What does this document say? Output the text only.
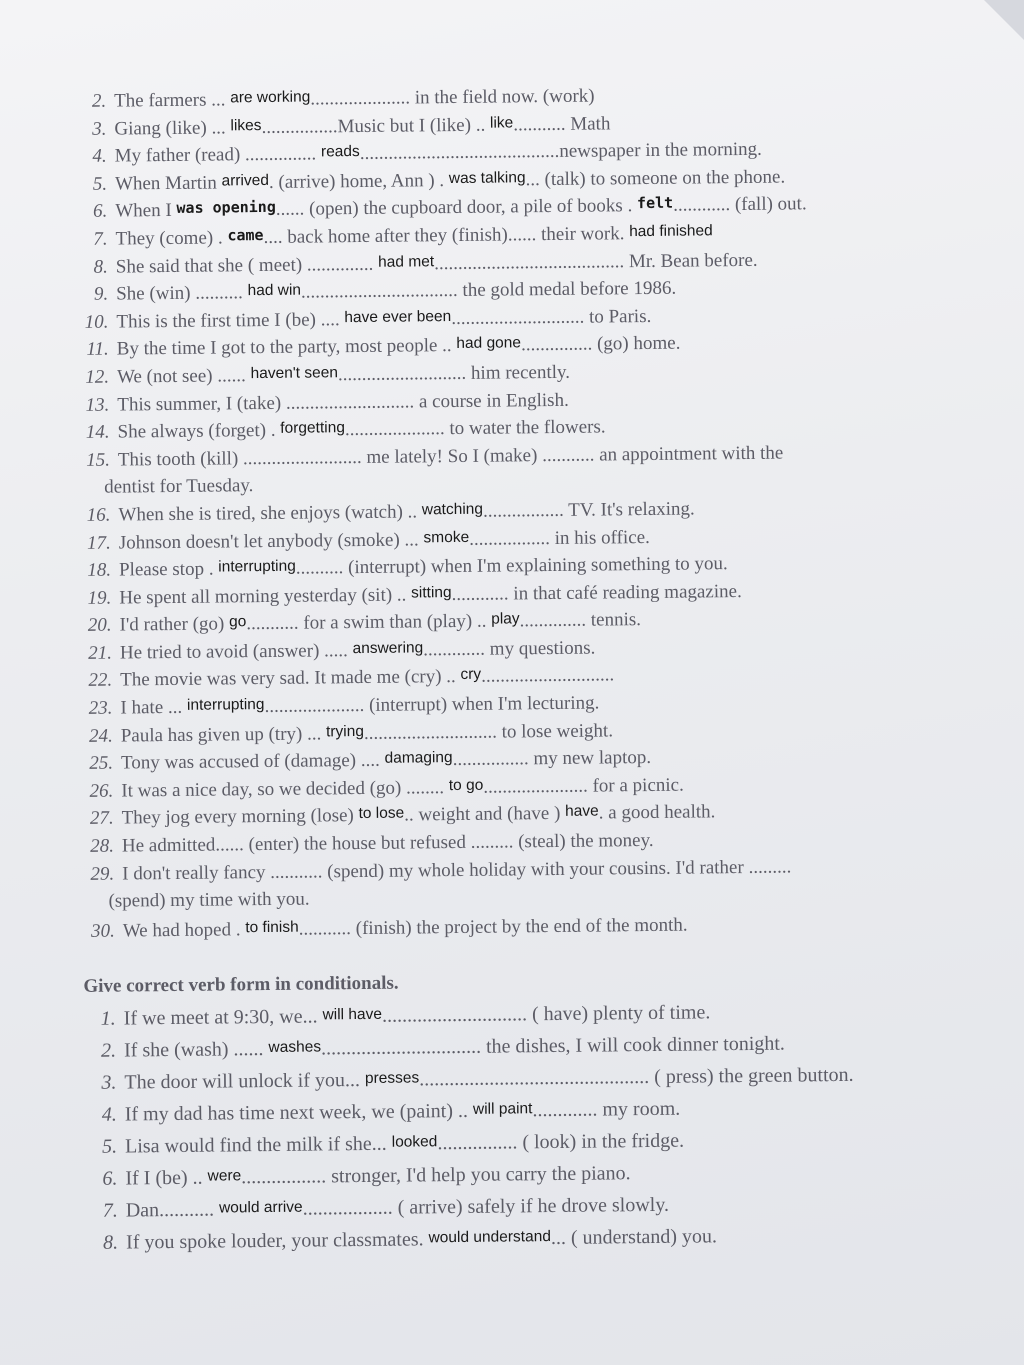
2. The farmers ... are working..................... in the field now. (work)
3. Giang (like) ... likes................Music but I (like) .. like........... Math
4. My father (read) ............... reads..........................................newspaper in the morning.
5. When Martin arrived. (arrive) home, Ann ) . was talking... (talk) to someone on the phone.
6. When I was opening...... (open) the cupboard door, a pile of books . felt............ (fall) out.
7. They (come) . came.... back home after they (finish)...... their work. had finished
8. She said that she ( meet) .............. had met........................................ Mr. Bean before.
9. She (win) .......... had win................................. the gold medal before 1986.
10. This is the first time I (be) .... have ever been............................ to Paris.
11. By the time I got to the party, most people .. had gone............... (go) home.
12. We (not see) ...... haven't seen........................... him recently.
13. This summer, I (take) ........................... a course in English.
14. She always (forget) . forgetting..................... to water the flowers.
15. This tooth (kill) ......................... me lately! So I (make) ........... an appointment with the
dentist for Tuesday.
16. When she is tired, she enjoys (watch) .. watching................. TV. It's relaxing.
17. Johnson doesn't let anybody (smoke) ... smoke................. in his office.
18. Please stop . interrupting.......... (interrupt) when I'm explaining something to you.
19. He spent all morning yesterday (sit) .. sitting............ in that café reading magazine.
20. I'd rather (go) go........... for a swim than (play) .. play.............. tennis.
21. He tried to avoid (answer) ..... answering............. my questions.
22. The movie was very sad. It made me (cry) .. cry............................
23. I hate ... interrupting..................... (interrupt) when I'm lecturing.
24. Paula has given up (try) ... trying............................ to lose weight.
25. Tony was accused of (damage) .... damaging................ my new laptop.
26. It was a nice day, so we decided (go) ........ to go...................... for a picnic.
27. They jog every morning (lose) to lose.. weight and (have ) have. a good health.
28. He admitted...... (enter) the house but refused ......... (steal) the money.
29. I don't really fancy ........... (spend) my whole holiday with your cousins. I'd rather .........
(spend) my time with you.
30. We had hoped . to finish........... (finish) the project by the end of the month.
Give correct verb form in conditionals.
1. If we meet at 9:30, we... will have............................. ( have) plenty of time.
2. If she (wash) ...... washes................................ the dishes, I will cook dinner tonight.
3. The door will unlock if you... presses.............................................. ( press) the green button.
4. If my dad has time next week, we (paint) .. will paint............. my room.
5. Lisa would find the milk if she... looked................ ( look) in the fridge.
6. If I (be) .. were................. stronger, I'd help you carry the piano.
7. Dan........... would arrive.................. ( arrive) safely if he drove slowly.
8. If you spoke louder, your classmates. would understand... ( understand) you.
